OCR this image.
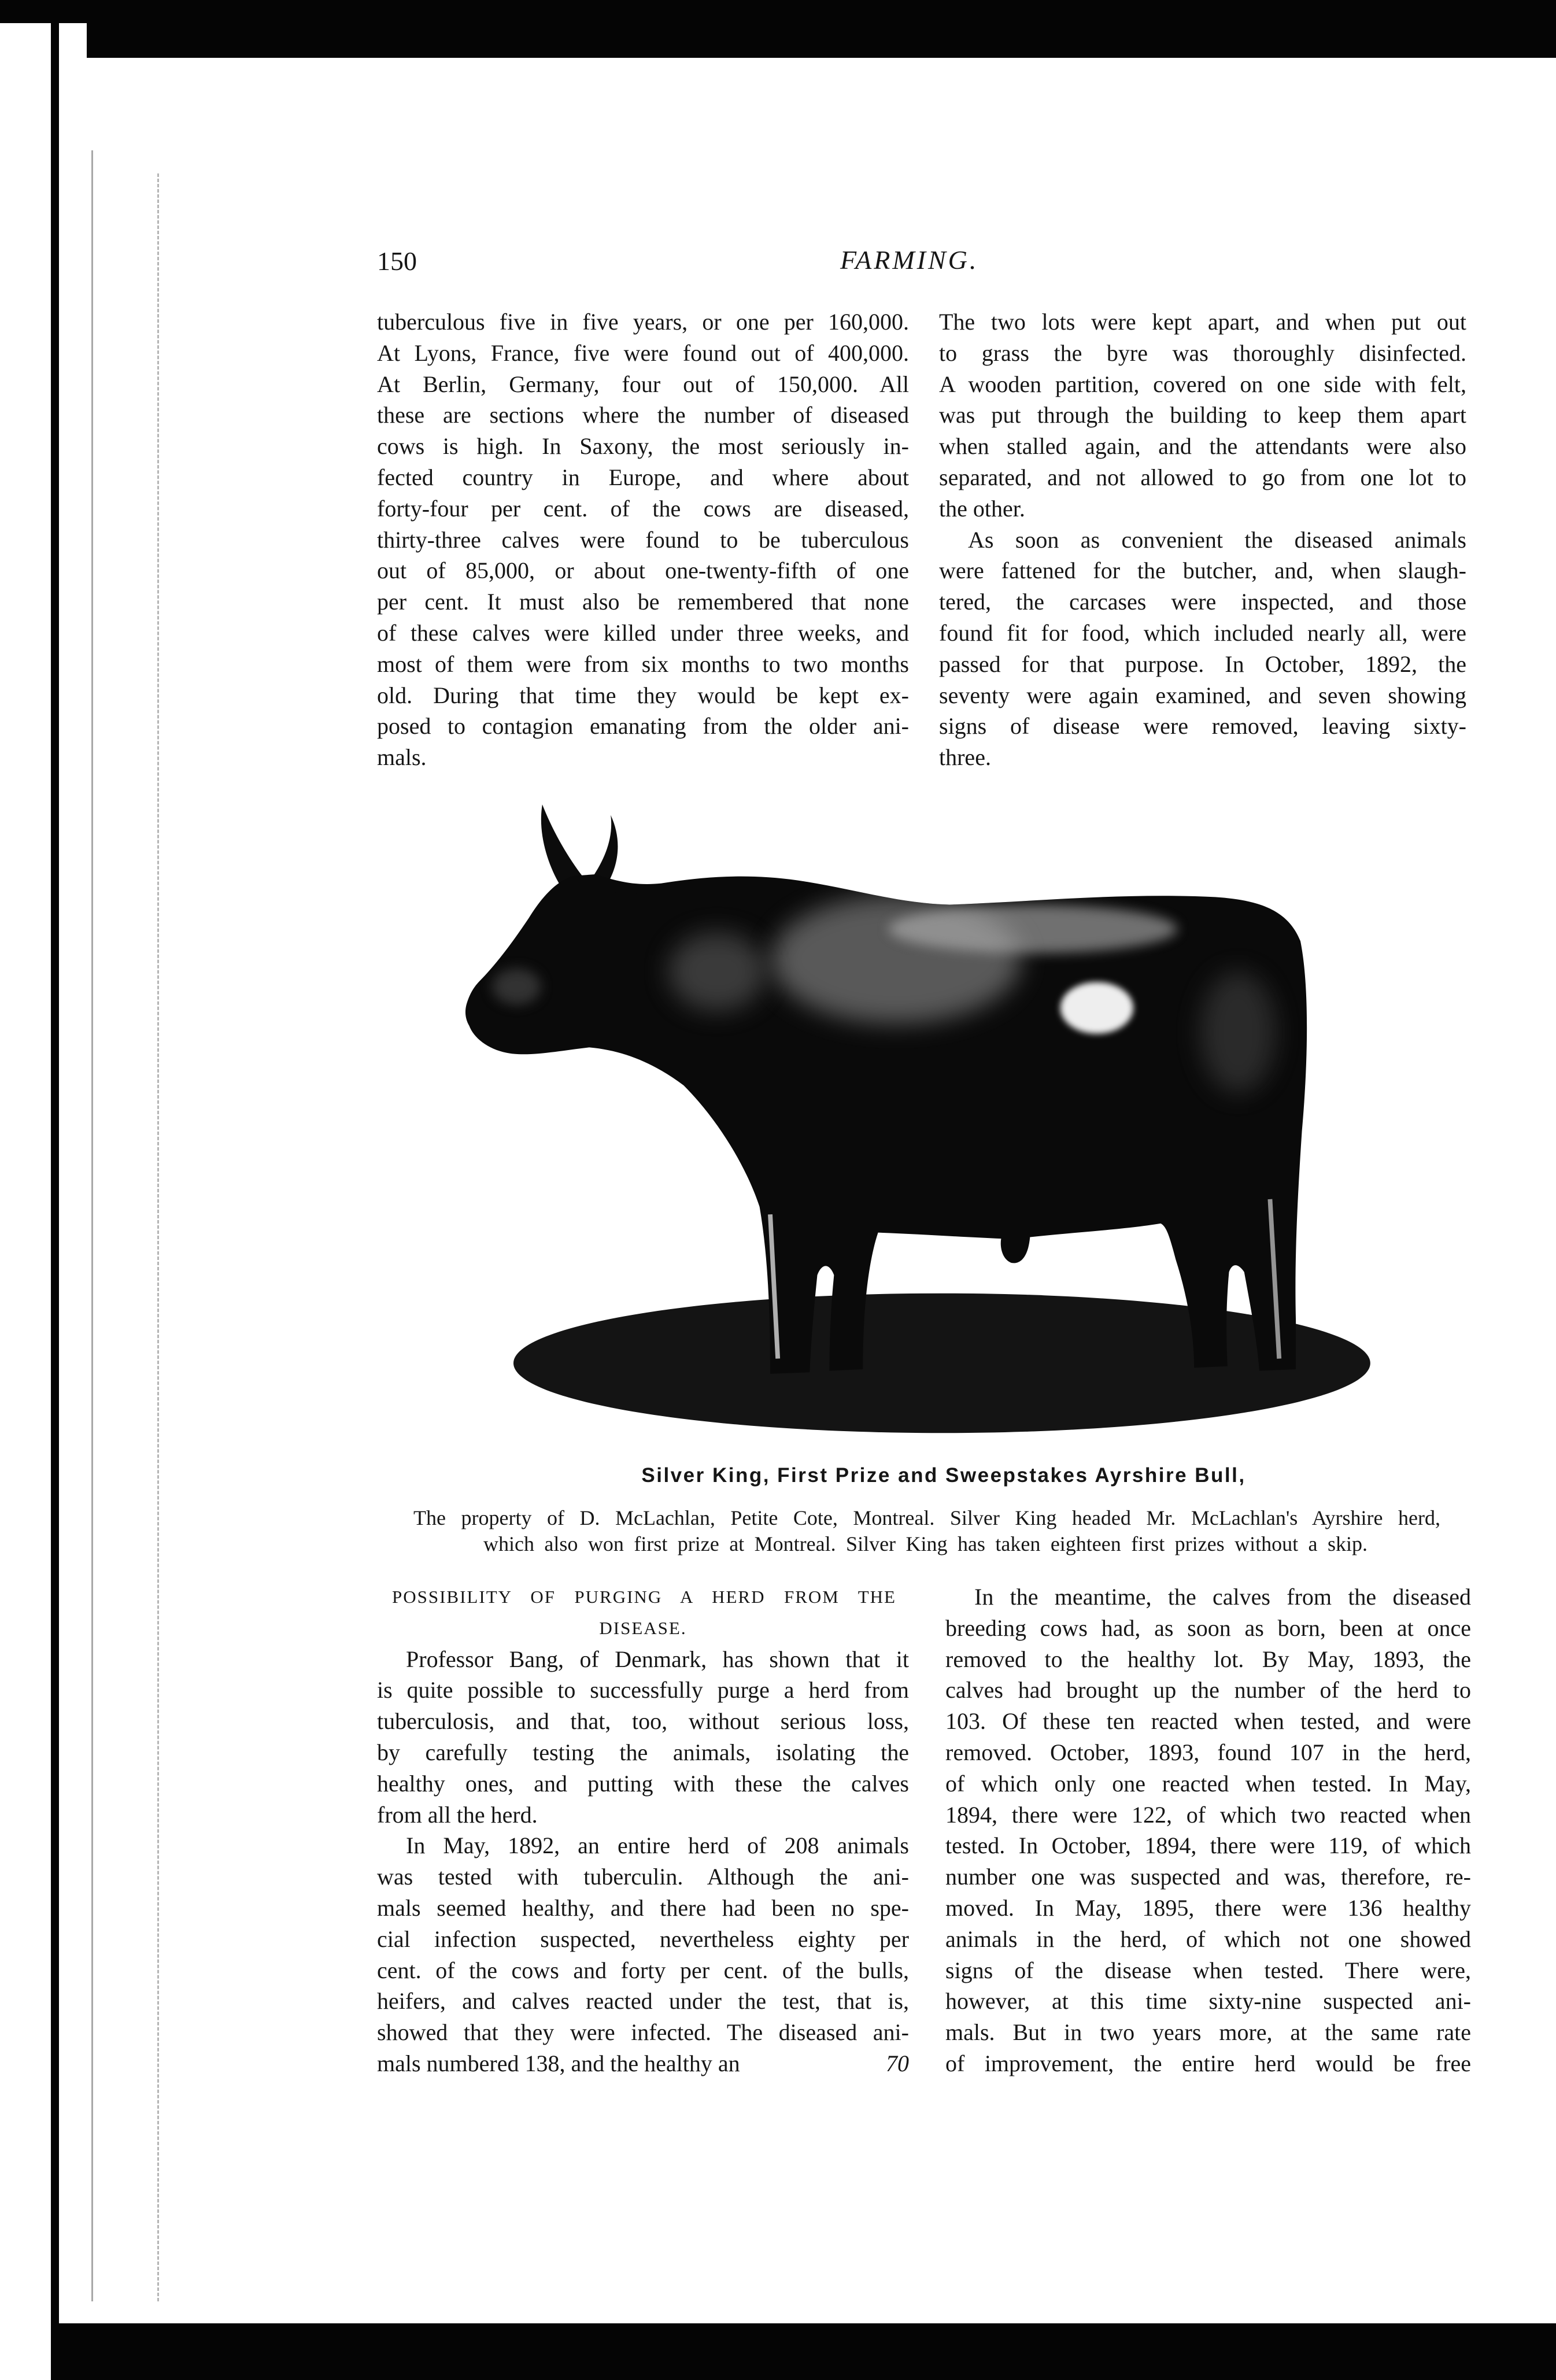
150	FARMING.
tuberculous five in five years, or one per 160,000.
At Lyons, France, five were found out of 400,000.
At Berlin, Germany, four out of 150,000. All
these are sections where the number of diseased
cows is high. In Saxony, the most seriously in-
fected country in Europe, and where about
forty-four per cent. of the cows are diseased,
thirty-three calves were found to be tuberculous
out of 85,000, or about one-twenty-fifth of one
per cent. It must also be remembered that none
of these calves were killed under three weeks, and
most of them were from six months to two months
old. During that time they would be kept ex-
posed to contagion emanating from the older ani-
mals.
The two lots were kept apart, and when put out
to grass the byre was thoroughly disinfected.
A wooden partition, covered on one side with felt,
was put through the building to keep them apart
when stalled again, and the attendants were also
separated, and not allowed to go from one lot to
the other.
As soon as convenient the diseased animals
were fattened for the butcher, and, when slaugh-
tered, the carcases were inspected, and those
found fit for food, which included nearly all, were
passed for that purpose. In October, 1892, the
seventy were again examined, and seven showing
signs of disease were removed, leaving sixty-
three.
Silver King, First Prize and Sweepstakes Ayrshire Bull,
The property of D. McLachlan, Petite Cote, Montreal. Silver King headed Mr. McLachlan's Ayrshire herd,
which also won first prize at Montreal. Silver King has taken eighteen first prizes without a skip.
POSSIBILITY OF PURGING A HERD FROM THE
DISEASE.
Professor Bang, of Denmark, has shown that it
is quite possible to successfully purge a herd from
tuberculosis, and that, too, without serious loss,
by carefully testing the animals, isolating the
healthy ones, and putting with these the calves
from all the herd.
In May, 1892, an entire herd of 208 animals
was tested with tuberculin. Although the ani-
mals seemed healthy, and there had been no spe-
cial infection suspected, nevertheless eighty per
cent. of the cows and forty per cent. of the bulls,
heifers, and calves reacted under the test, that is,
showed that they were infected. The diseased ani-
mals numbered 138, and the healthy an	70
In the meantime, the calves from the diseased
breeding cows had, as soon as born, been at once
removed to the healthy lot. By May, 1893, the
calves had brought up the number of the herd to
103. Of these ten reacted when tested, and were
removed. October, 1893, found 107 in the herd,
of which only one reacted when tested. In May,
1894, there were 122, of which two reacted when
tested. In October, 1894, there were 119, of which
number one was suspected and was, therefore, re-
moved. In May, 1895, there were 136 healthy
animals in the herd, of which not one showed
signs of the disease when tested. There were,
however, at this time sixty-nine suspected ani-
mals. But in two years more, at the same rate
of improvement, the entire herd would be free
